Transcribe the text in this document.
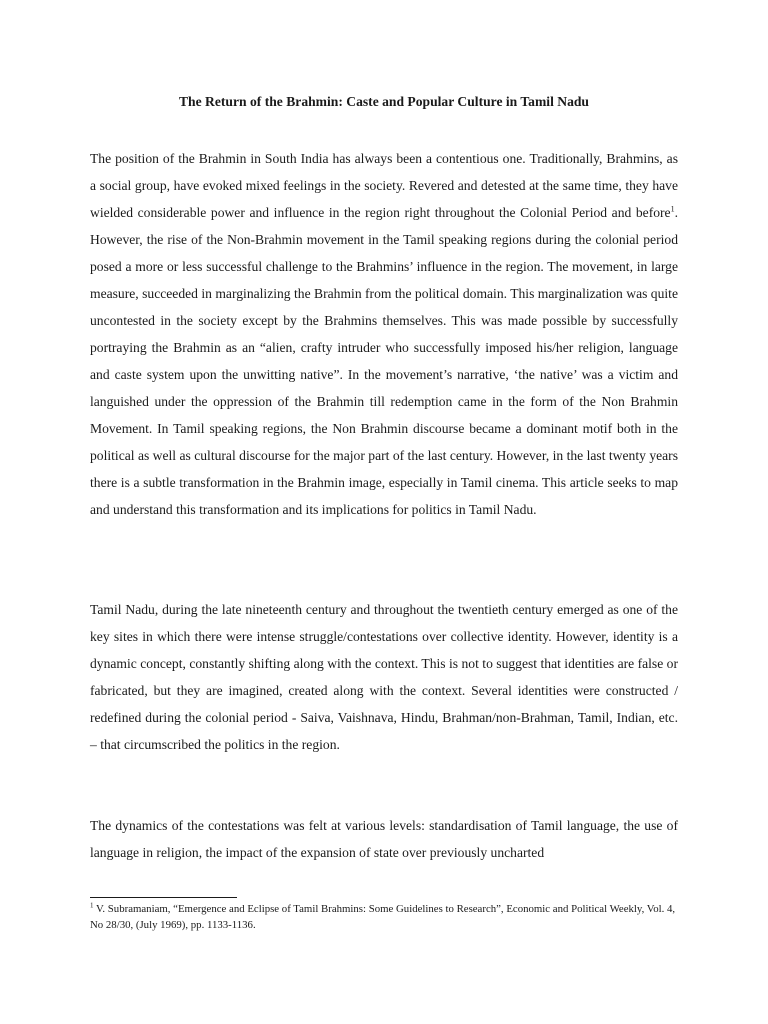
The Return of the Brahmin: Caste and Popular Culture in Tamil Nadu

The position of the Brahmin in South India has always been a contentious one. Traditionally, Brahmins, as a social group, have evoked mixed feelings in the society. Revered and detested at the same time, they have wielded considerable power and influence in the region right throughout the Colonial Period and before$^1$. However, the rise of the Non-Brahmin movement in the Tamil speaking regions during the colonial period posed a more or less successful challenge to the Brahmins’ influence in the region. The movement, in large measure, succeeded in marginalizing the Brahmin from the political domain. This marginalization was quite uncontested in the society except by the Brahmins themselves. This was made possible by successfully portraying the Brahmin as an “alien, crafty intruder who successfully imposed his/her religion, language and caste system upon the unwitting native”. In the movement’s narrative, ‘the native’ was a victim and languished under the oppression of the Brahmin till redemption came in the form of the Non Brahmin Movement. In Tamil speaking regions, the Non Brahmin discourse became a dominant motif both in the political as well as cultural discourse for the major part of the last century. However, in the last twenty years there is a subtle transformation in the Brahmin image, especially in Tamil cinema. This article seeks to map and understand this transformation and its implications for politics in Tamil Nadu.

Tamil Nadu, during the late nineteenth century and throughout the twentieth century emerged as one of the key sites in which there were intense struggle/contestations over collective identity. However, identity is a dynamic concept, constantly shifting along with the context. This is not to suggest that identities are false or fabricated, but they are imagined, created along with the context. Several identities were constructed / redefined during the colonial period - Saiva, Vaishnava, Hindu, Brahman/non-Brahman, Tamil, Indian, etc. – that circumscribed the politics in the region.

The dynamics of the contestations was felt at various levels: standardisation of Tamil language, the use of language in religion, the impact of the expansion of state over previously uncharted

$^1$ V. Subramaniam, “Emergence and Eclipse of Tamil Brahmins: Some Guidelines to Research”, Economic and Political Weekly, Vol. 4, No 28/30, (July 1969), pp. 1133-1136.
